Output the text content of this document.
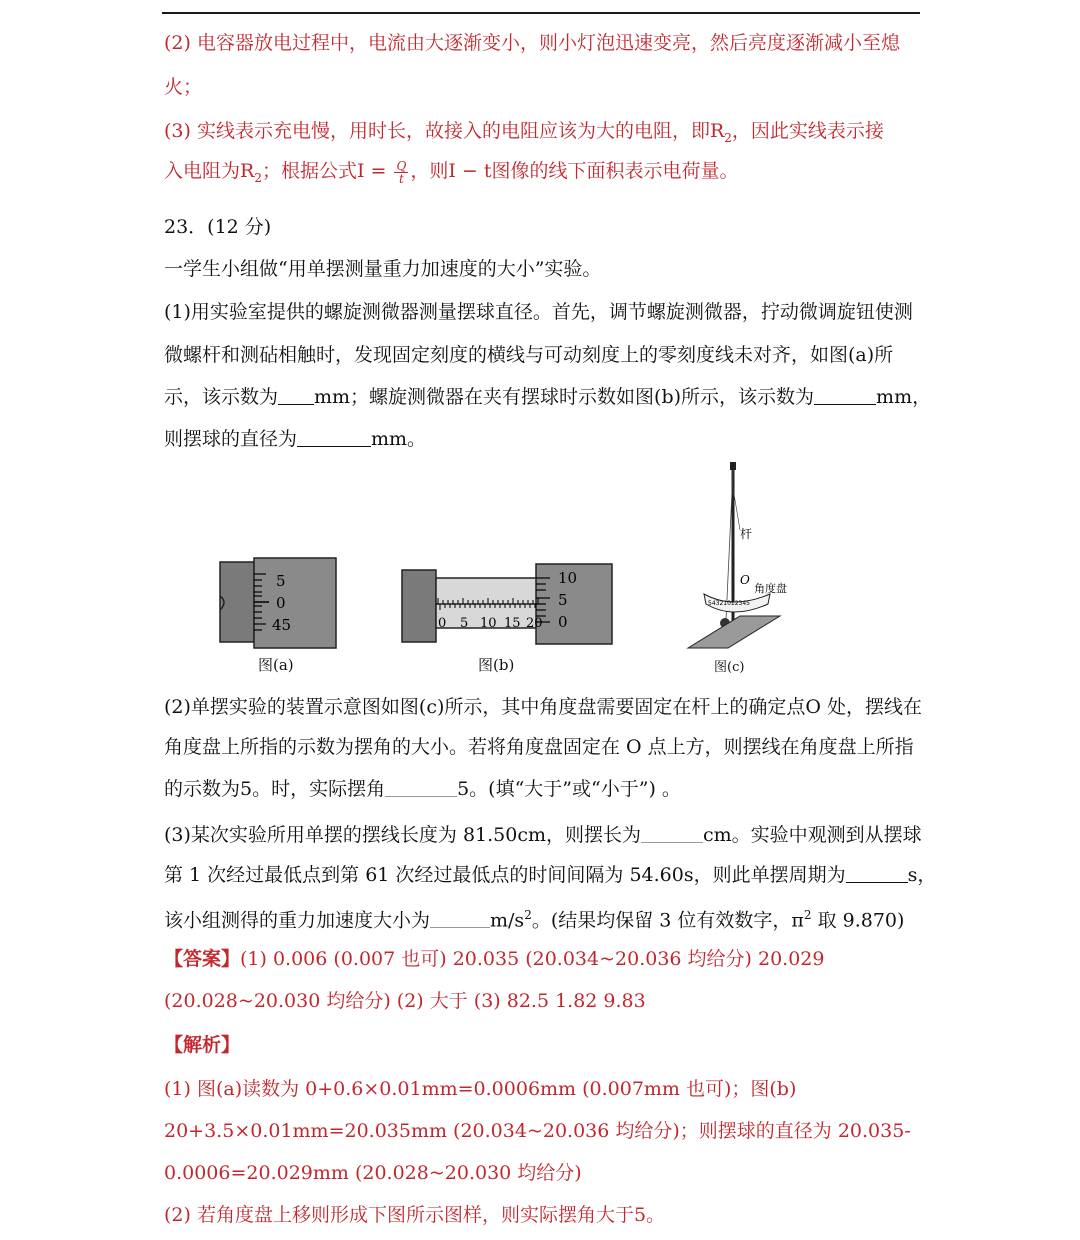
(2) 电容器放电过程中，电流由大逐渐变小，则小灯泡迅速变亮，然后亮度逐渐减小至熄
火；
(3) 实线表示充电慢，用时长，故接入的电阻应该为大的电阻，即$R_2$，因此实线表示接
入电阻为$R_2$；根据公式$I = \frac{Q}{t}$ ，则I − t图像的线下面积表示电荷量。
23．(12 分)
一学生小组做“用单摆测量重力加速度的大小”实验。
(1)用实验室提供的螺旋测微器测量摆球直径。首先，调节螺旋测微器，拧动微调旋钮使测
微螺杆和测砧相触时，发现固定刻度的横线与可动刻度上的零刻度线未对齐，如图(a)所
示，该示数为 mm；螺旋测微器在夹有摆球时示数如图(b)所示，该示数为	mm，
则摆球的直径为	mm。
5
0
45
图(a)
0 5 10 15 20
10
5
0
图(b)
54321012345
杆
O
角度盘
图(c)
(2)单摆实验的装置示意图如图(c)所示，其中角度盘需要固定在杆上的确定点O 处，摆线在
角度盘上所指的示数为摆角的大小。若将角度盘固定在 O 点上方，则摆线在角度盘上所指
的示数为5。时，实际摆角	5。(填“大于”或“小于”) 。
(3)某次实验所用单摆的摆线长度为 81.50cm，则摆长为	cm。实验中观测到从摆球
第 1 次经过最低点到第 61 次经过最低点的时间间隔为 54.60s，则此单摆周期为	s，
该小组测得的重力加速度大小为	$m/s^2$。(结果均保留 3 位有效数字，$\pi^2$ 取 9.870)
【答案】(1) 0.006 (0.007 也可) 20.035 (20.034~20.036 均给分) 20.029
(20.028~20.030 均给分) (2) 大于 (3) 82.5 1.82 9.83
【解析】
(1) 图(a)读数为 0+0.6×0.01mm=0.0006mm (0.007mm 也可)；图(b)
20+3.5×0.01mm=20.035mm (20.034~20.036 均给分)；则摆球的直径为 20.035-
0.0006=20.029mm (20.028~20.030 均给分)
(2) 若角度盘上移则形成下图所示图样，则实际摆角大于5。
